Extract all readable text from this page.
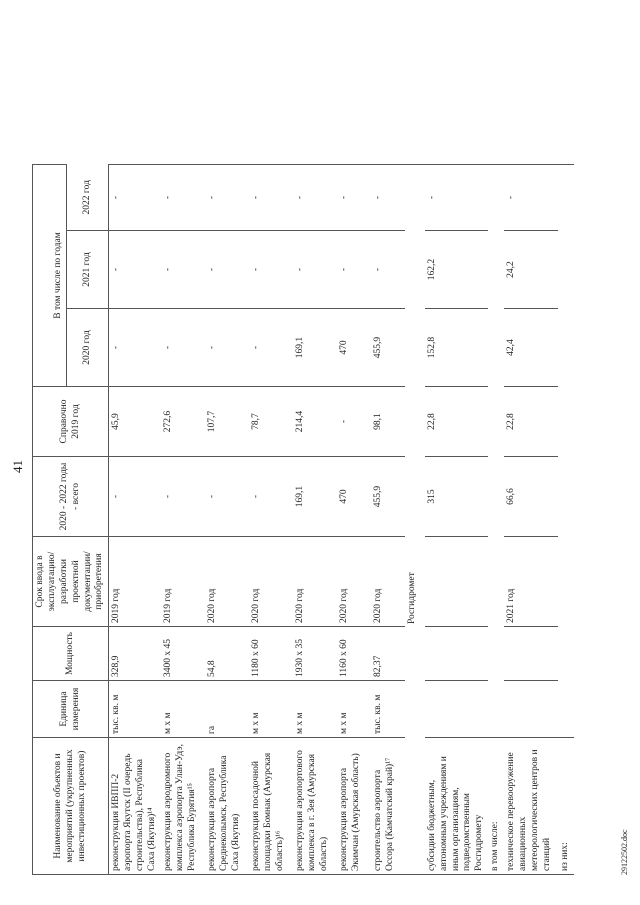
41
Наименование объектов и мероприятий (укрупненных инвестиционных проектов)	Единица измерения	Мощность	Срок ввода в эксплуатацию/ разработки проектной документации/ приобретения	2020 - 2022 годы - всего	Справочно 2019 год	В том числе по годам		
						2020 год	2021 год	2022 год
реконструкция ИВПП-2 аэропорта Якутск (II очередь строительства), Республика Саха (Якутия)¹⁴	тыс. кв. м	328,9	2019 год	-	45,9	-	-	-
реконструкция аэродромного комплекса аэропорта Улан-Удэ, Республика Бурятия¹⁵	м х м	3400 х 45	2019 год	-	272,6	-	-	-
реконструкция аэропорта Среднеколымск, Республика Саха (Якутия)	га	54,8	2020 год	-	107,7	-	-	-
реконструкция посадочной площадки Бомнак (Амурская область)¹⁶	м х м	1180 х 60	2020 год	-	78,7	-	-	-
реконструкция аэропортового комплекса в г. Зея (Амурская область)	м х м	1930 х 35	2020 год	169,1	214,4	169,1	-	-
реконструкция аэропорта Экимчан (Амурская область)	м х м	1160 х 60	2020 год	470	-	470	-	-
строительство аэропорта Оссора (Камчатский край)¹⁷	тыс. кв. м	82,37	2020 год	455,9	98,1	455,9	-	-
Росгидромет								
субсидии бюджетным, автономным учреждениям и иным организациям, подведомственным Росгидромету				315	22,8	152,8	162,2	-
в том числе:								
техническое перевооружение авиационных метеорологических центров и станций			2021 год	66,6	22,8	42,4	24,2	-
из них:									29122502.doc
